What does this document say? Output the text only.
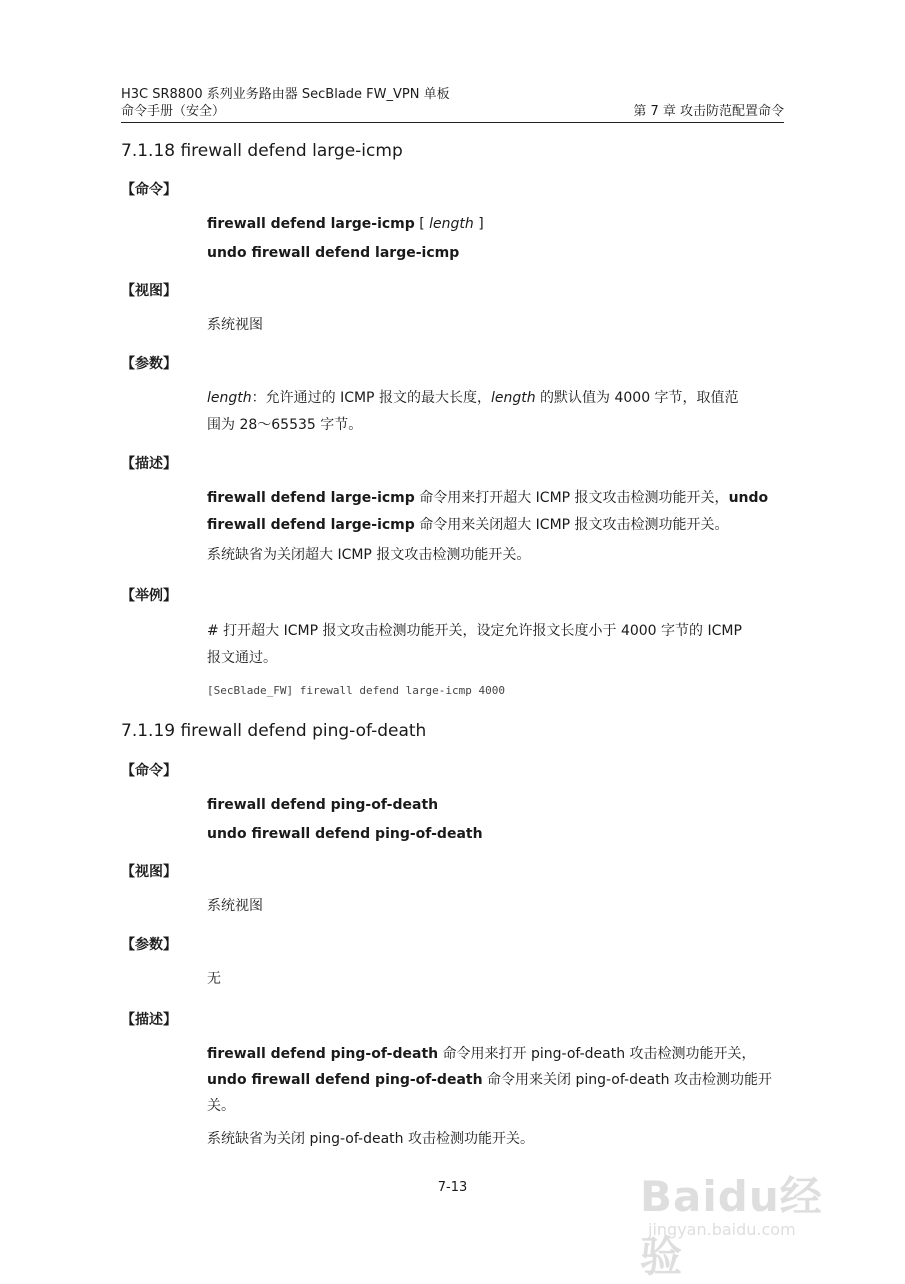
H3C SR8800 系列业务路由器 SecBlade FW_VPN 单板
命令手册（安全）	第 7 章 攻击防范配置命令
7.1.18 firewall defend large-icmp
【命令】
firewall defend large-icmp [ length ]
undo firewall defend large-icmp
【视图】
系统视图
【参数】
length：允许通过的 ICMP 报文的最大长度，length 的默认值为 4000 字节，取值范
围为 28～65535 字节。
【描述】
firewall defend large-icmp 命令用来打开超大 ICMP 报文攻击检测功能开关，undo
firewall defend large-icmp 命令用来关闭超大 ICMP 报文攻击检测功能开关。
系统缺省为关闭超大 ICMP 报文攻击检测功能开关。
【举例】
# 打开超大 ICMP 报文攻击检测功能开关，设定允许报文长度小于 4000 字节的 ICMP
报文通过。
[SecBlade_FW] firewall defend large-icmp 4000
7.1.19 firewall defend ping-of-death
【命令】
firewall defend ping-of-death
undo firewall defend ping-of-death
【视图】
系统视图
【参数】
无
【描述】
firewall defend ping-of-death 命令用来打开 ping-of-death 攻击检测功能开关，
undo firewall defend ping-of-death 命令用来关闭 ping-of-death 攻击检测功能开
关。
系统缺省为关闭 ping-of-death 攻击检测功能开关。
7-13	Baidu经验
jingyan.baidu.com
